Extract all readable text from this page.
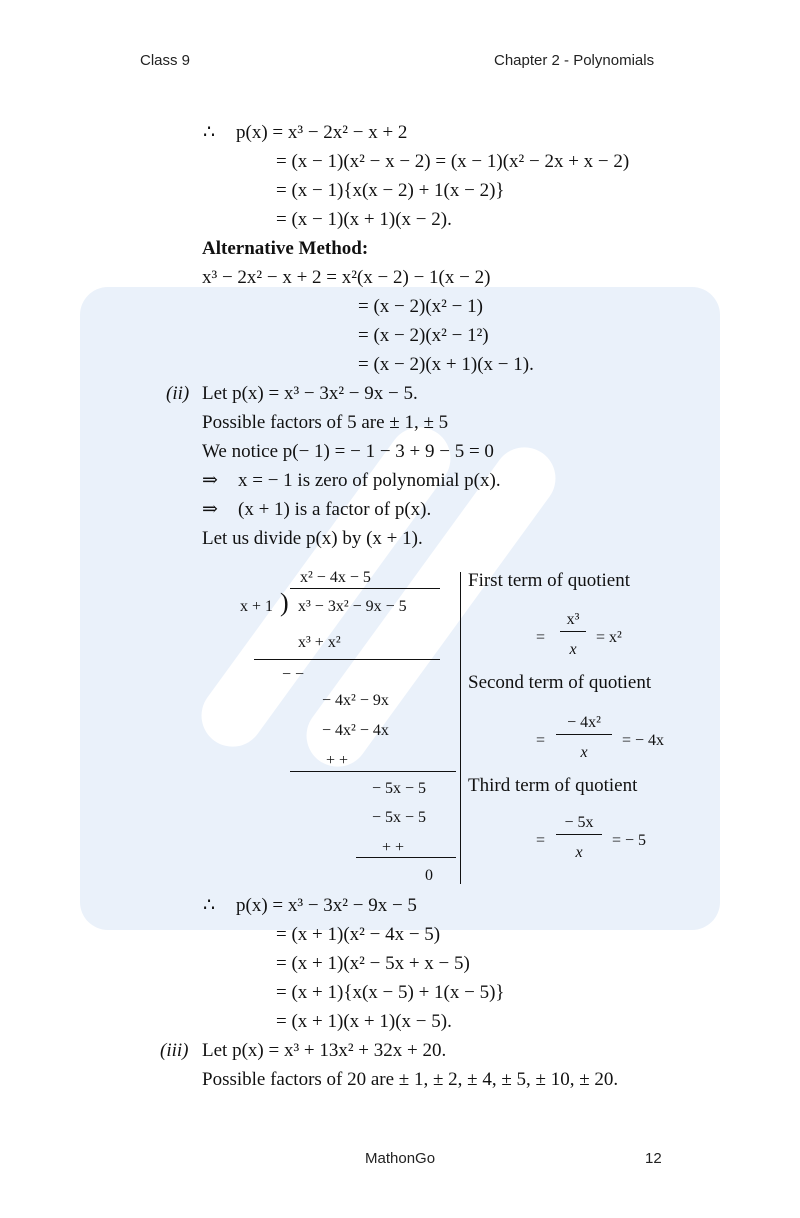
Class 9	Chapter 2 - Polynomials
∴ p(x) = x³ − 2x² − x + 2
= (x − 1)(x² − x − 2) = (x − 1)(x² − 2x + x − 2)
= (x − 1){x(x − 2) + 1(x − 2)}
= (x − 1)(x + 1)(x − 2).
Alternative Method:
x³ − 2x² − x + 2 = x²(x − 2) − 1(x − 2)
= (x − 2)(x² − 1)
= (x − 2)(x² − 1²)
= (x − 2)(x + 1)(x − 1).
(ii) Let p(x) = x³ − 3x² − 9x − 5.
Possible factors of 5 are ± 1, ± 5
We notice p(− 1) = − 1 − 3 + 9 − 5 = 0
⇒ x = − 1 is zero of polynomial p(x).
⇒ (x + 1) is a factor of p(x).
Let us divide p(x) by (x + 1).
x² − 4x − 5
x + 1 ) x³ − 3x² − 9x − 5
x³ + x²
− −
− 4x² − 9x
− 4x² − 4x
+ +
− 5x − 5
− 5x − 5
+ +
0
First term of quotient
=
x³
x
= x²
Second term of quotient
=
− 4x²
x
= − 4x
Third term of quotient
=
− 5x
x
= − 5
∴ p(x) = x³ − 3x² − 9x − 5
= (x + 1)(x² − 4x − 5)
= (x + 1)(x² − 5x + x − 5)
= (x + 1){x(x − 5) + 1(x − 5)}
= (x + 1)(x + 1)(x − 5).
(iii) Let p(x) = x³ + 13x² + 32x + 20.
Possible factors of 20 are ± 1, ± 2, ± 4, ± 5, ± 10, ± 20.
MathonGo	12
